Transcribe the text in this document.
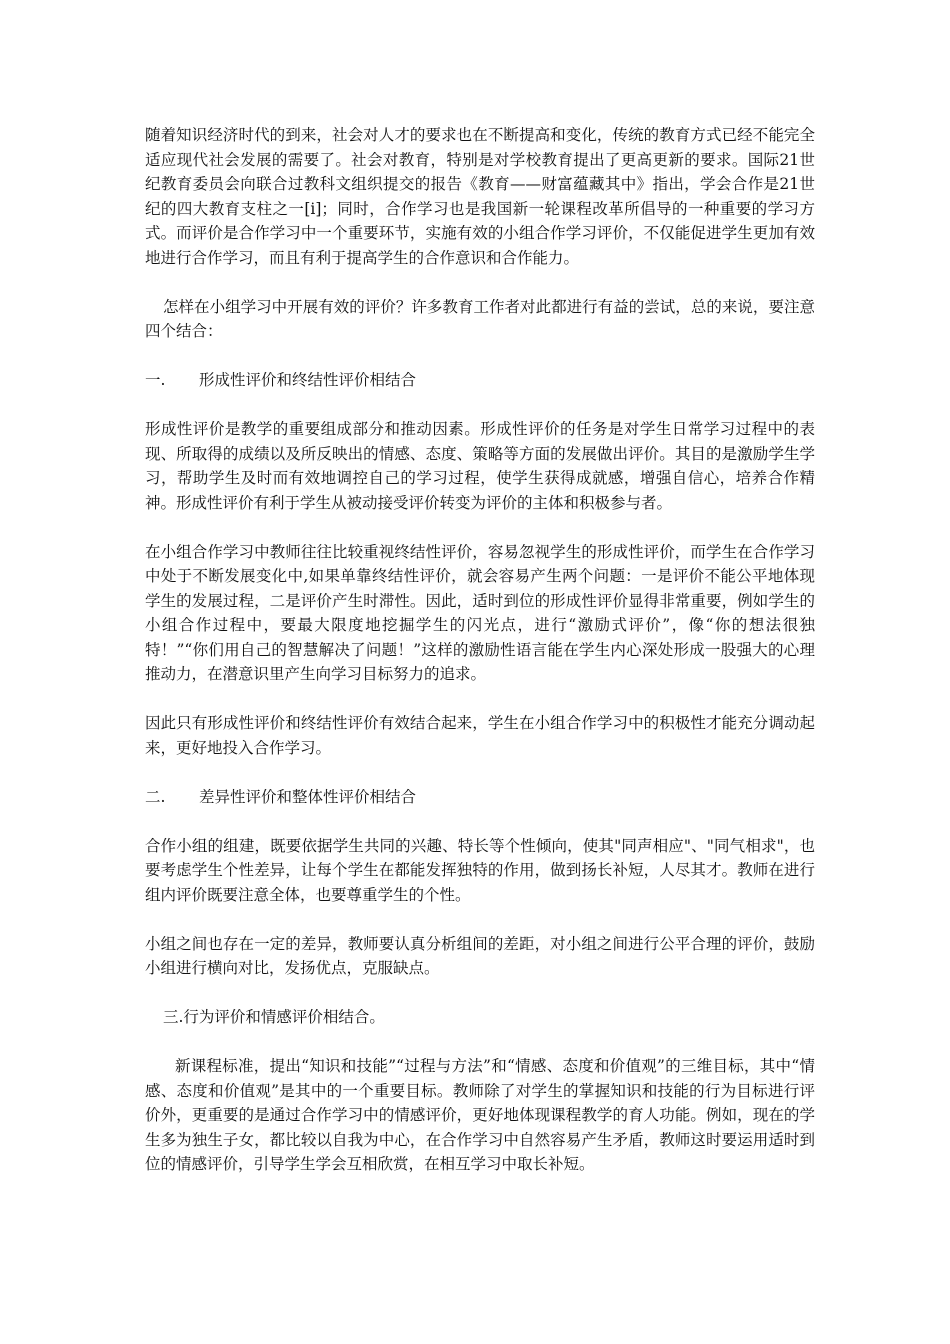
随着知识经济时代的到来，社会对人才的要求也在不断提高和变化，传统的教育方式已经不能完全适应现代社会发展的需要了。社会对教育，特别是对学校教育提出了更高更新的要求。国际21世纪教育委员会向联合过教科文组织提交的报告《教育——财富蕴藏其中》指出，学会合作是21世纪的四大教育支柱之一[i]；同时，合作学习也是我国新一轮课程改革所倡导的一种重要的学习方式。而评价是合作学习中一个重要环节，实施有效的小组合作学习评价，不仅能促进学生更加有效地进行合作学习，而且有利于提高学生的合作意识和合作能力。

怎样在小组学习中开展有效的评价？许多教育工作者对此都进行有益的尝试，总的来说，要注意四个结合：

一. 形成性评价和终结性评价相结合

形成性评价是教学的重要组成部分和推动因素。形成性评价的任务是对学生日常学习过程中的表现、所取得的成绩以及所反映出的情感、态度、策略等方面的发展做出评价。其目的是激励学生学习，帮助学生及时而有效地调控自己的学习过程，使学生获得成就感，增强自信心，培养合作精神。形成性评价有利于学生从被动接受评价转变为评价的主体和积极参与者。

在小组合作学习中教师往往比较重视终结性评价，容易忽视学生的形成性评价，而学生在合作学习中处于不断发展变化中,如果单靠终结性评价，就会容易产生两个问题：一是评价不能公平地体现学生的发展过程，二是评价产生时滞性。因此，适时到位的形成性评价显得非常重要，例如学生的小组合作过程中，要最大限度地挖掘学生的闪光点，进行“激励式评价”，像“你的想法很独特！”“你们用自己的智慧解决了问题！”这样的激励性语言能在学生内心深处形成一股强大的心理推动力，在潜意识里产生向学习目标努力的追求。

因此只有形成性评价和终结性评价有效结合起来，学生在小组合作学习中的积极性才能充分调动起来，更好地投入合作学习。

二. 差异性评价和整体性评价相结合

合作小组的组建，既要依据学生共同的兴趣、特长等个性倾向，使其"同声相应"、"同气相求"，也要考虑学生个性差异，让每个学生在都能发挥独特的作用，做到扬长补短，人尽其才。教师在进行组内评价既要注意全体，也要尊重学生的个性。

小组之间也存在一定的差异，教师要认真分析组间的差距，对小组之间进行公平合理的评价，鼓励小组进行横向对比，发扬优点，克服缺点。

三.行为评价和情感评价相结合。

新课程标准，提出“知识和技能”“过程与方法”和“情感、态度和价值观”的三维目标，其中“情感、态度和价值观”是其中的一个重要目标。教师除了对学生的掌握知识和技能的行为目标进行评价外，更重要的是通过合作学习中的情感评价，更好地体现课程教学的育人功能。例如，现在的学生多为独生子女，都比较以自我为中心，在合作学习中自然容易产生矛盾，教师这时要运用适时到位的情感评价，引导学生学会互相欣赏，在相互学习中取长补短。
